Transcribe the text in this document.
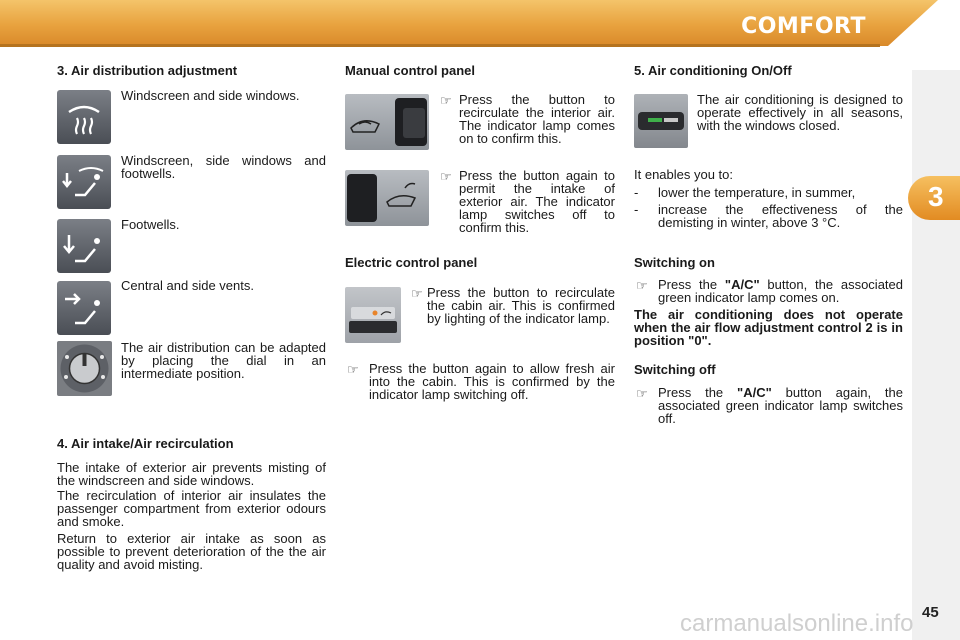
COMFORT
3
carmanualsonline.info 45
3. Air distribution adjustment
Windscreen and side windows.
Windscreen, side windows and footwells.
Footwells.
Central and side vents.
The air distribution can be adapted by placing the dial in an intermediate position.
4. Air intake/Air recirculation
The intake of exterior air prevents misting of the windscreen and side windows.
The recirculation of interior air insulates the passenger compartment from exterior odours and smoke.
Return to exterior air intake as soon as possible to prevent deterioration of the the air quality and avoid misting.
Manual control panel
☞ Press the button to recirculate the interior air. The indicator lamp comes on to confirm this.
☞ Press the button again to permit the intake of exterior air. The indicator lamp switches off to confirm this.
Electric control panel
☞ Press the button to recirculate the cabin air. This is confirmed by lighting of the indicator lamp.
☞ Press the button again to allow fresh air into the cabin. This is confirmed by the indicator lamp switching off.
5. Air conditioning On/Off
The air conditioning is designed to operate effectively in all seasons, with the windows closed.
It enables you to:
- lower the temperature, in summer,
- increase the effectiveness of the demisting in winter, above 3 °C.
Switching on
☞ Press the "A/C" button, the associated green indicator lamp comes on.
The air conditioning does not operate when the air flow adjustment control 2 is in position "0".
Switching off
☞ Press the "A/C" button again, the associated green indicator lamp switches off.
